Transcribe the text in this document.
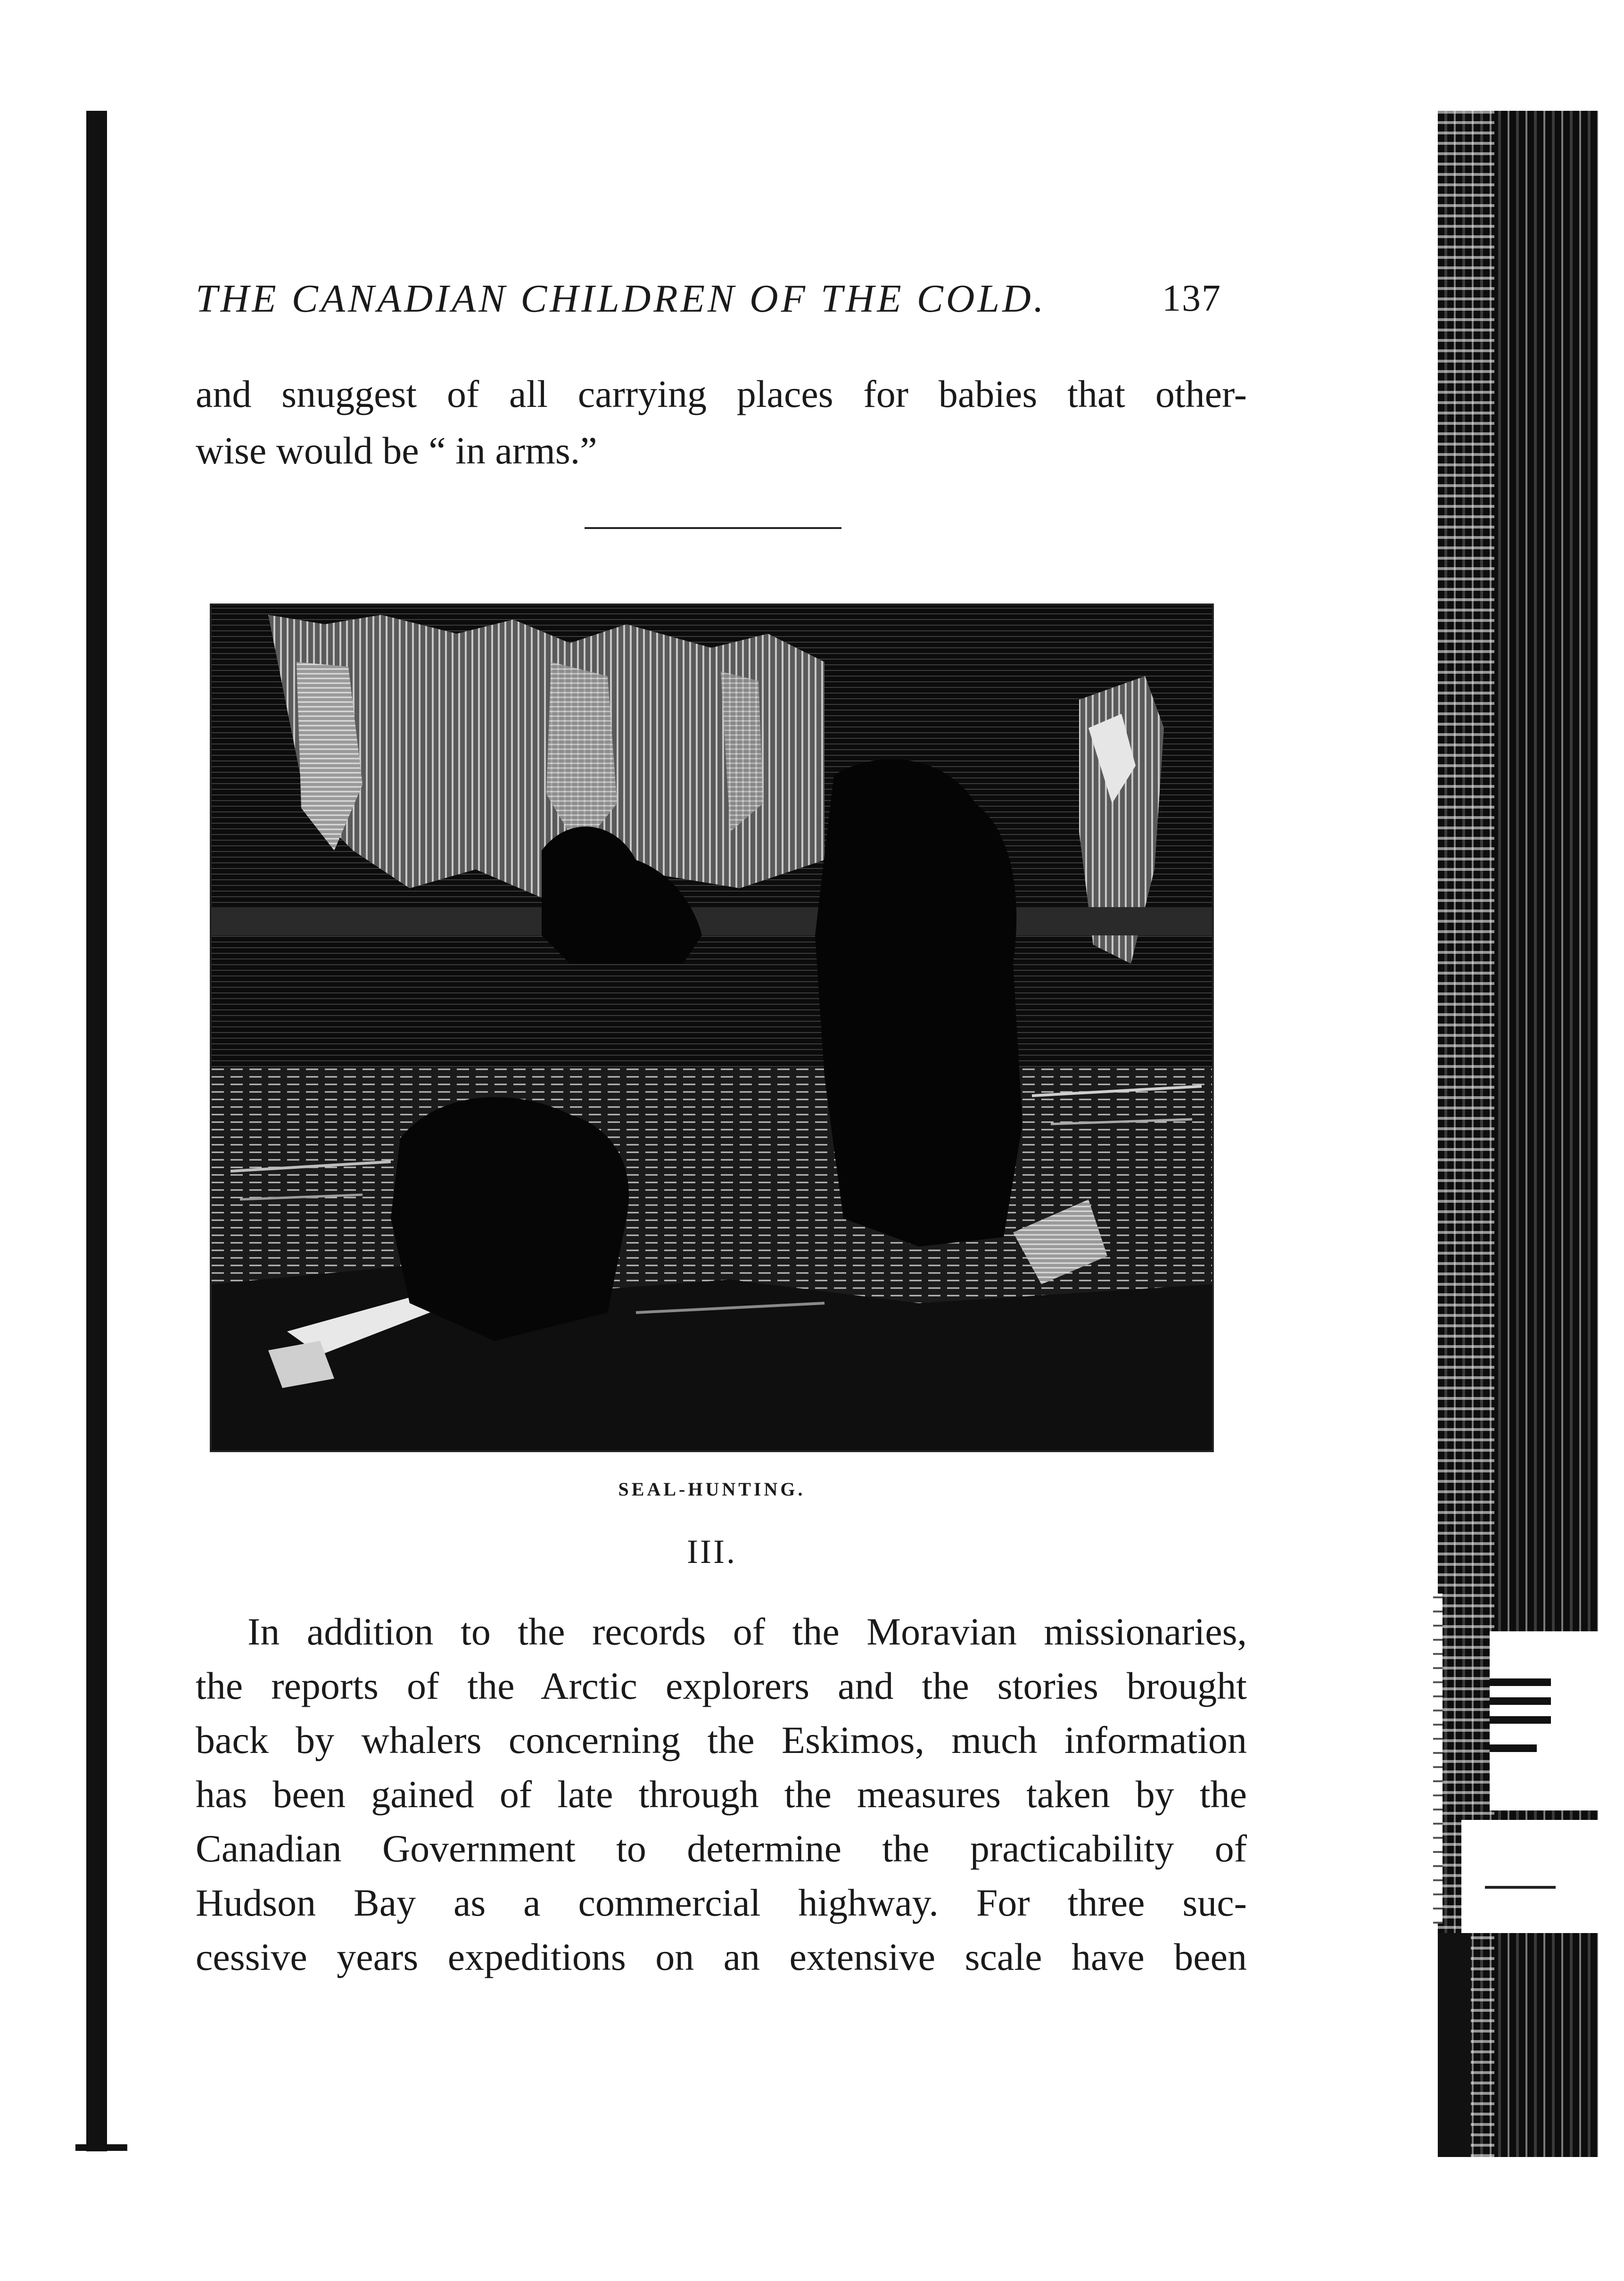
THE CANADIAN CHILDREN OF THE COLD.	137
and snuggest of all carrying places for babies that other-
wise would be “ in arms.”
SEAL-HUNTING.
III.
In addition to the records of the Moravian missionaries,
the reports of the Arctic explorers and the stories brought
back by whalers concerning the Eskimos, much information
has been gained of late through the measures taken by the
Canadian Government to determine the practicability of
Hudson Bay as a commercial highway. For three suc-
cessive years expeditions on an extensive scale have been
